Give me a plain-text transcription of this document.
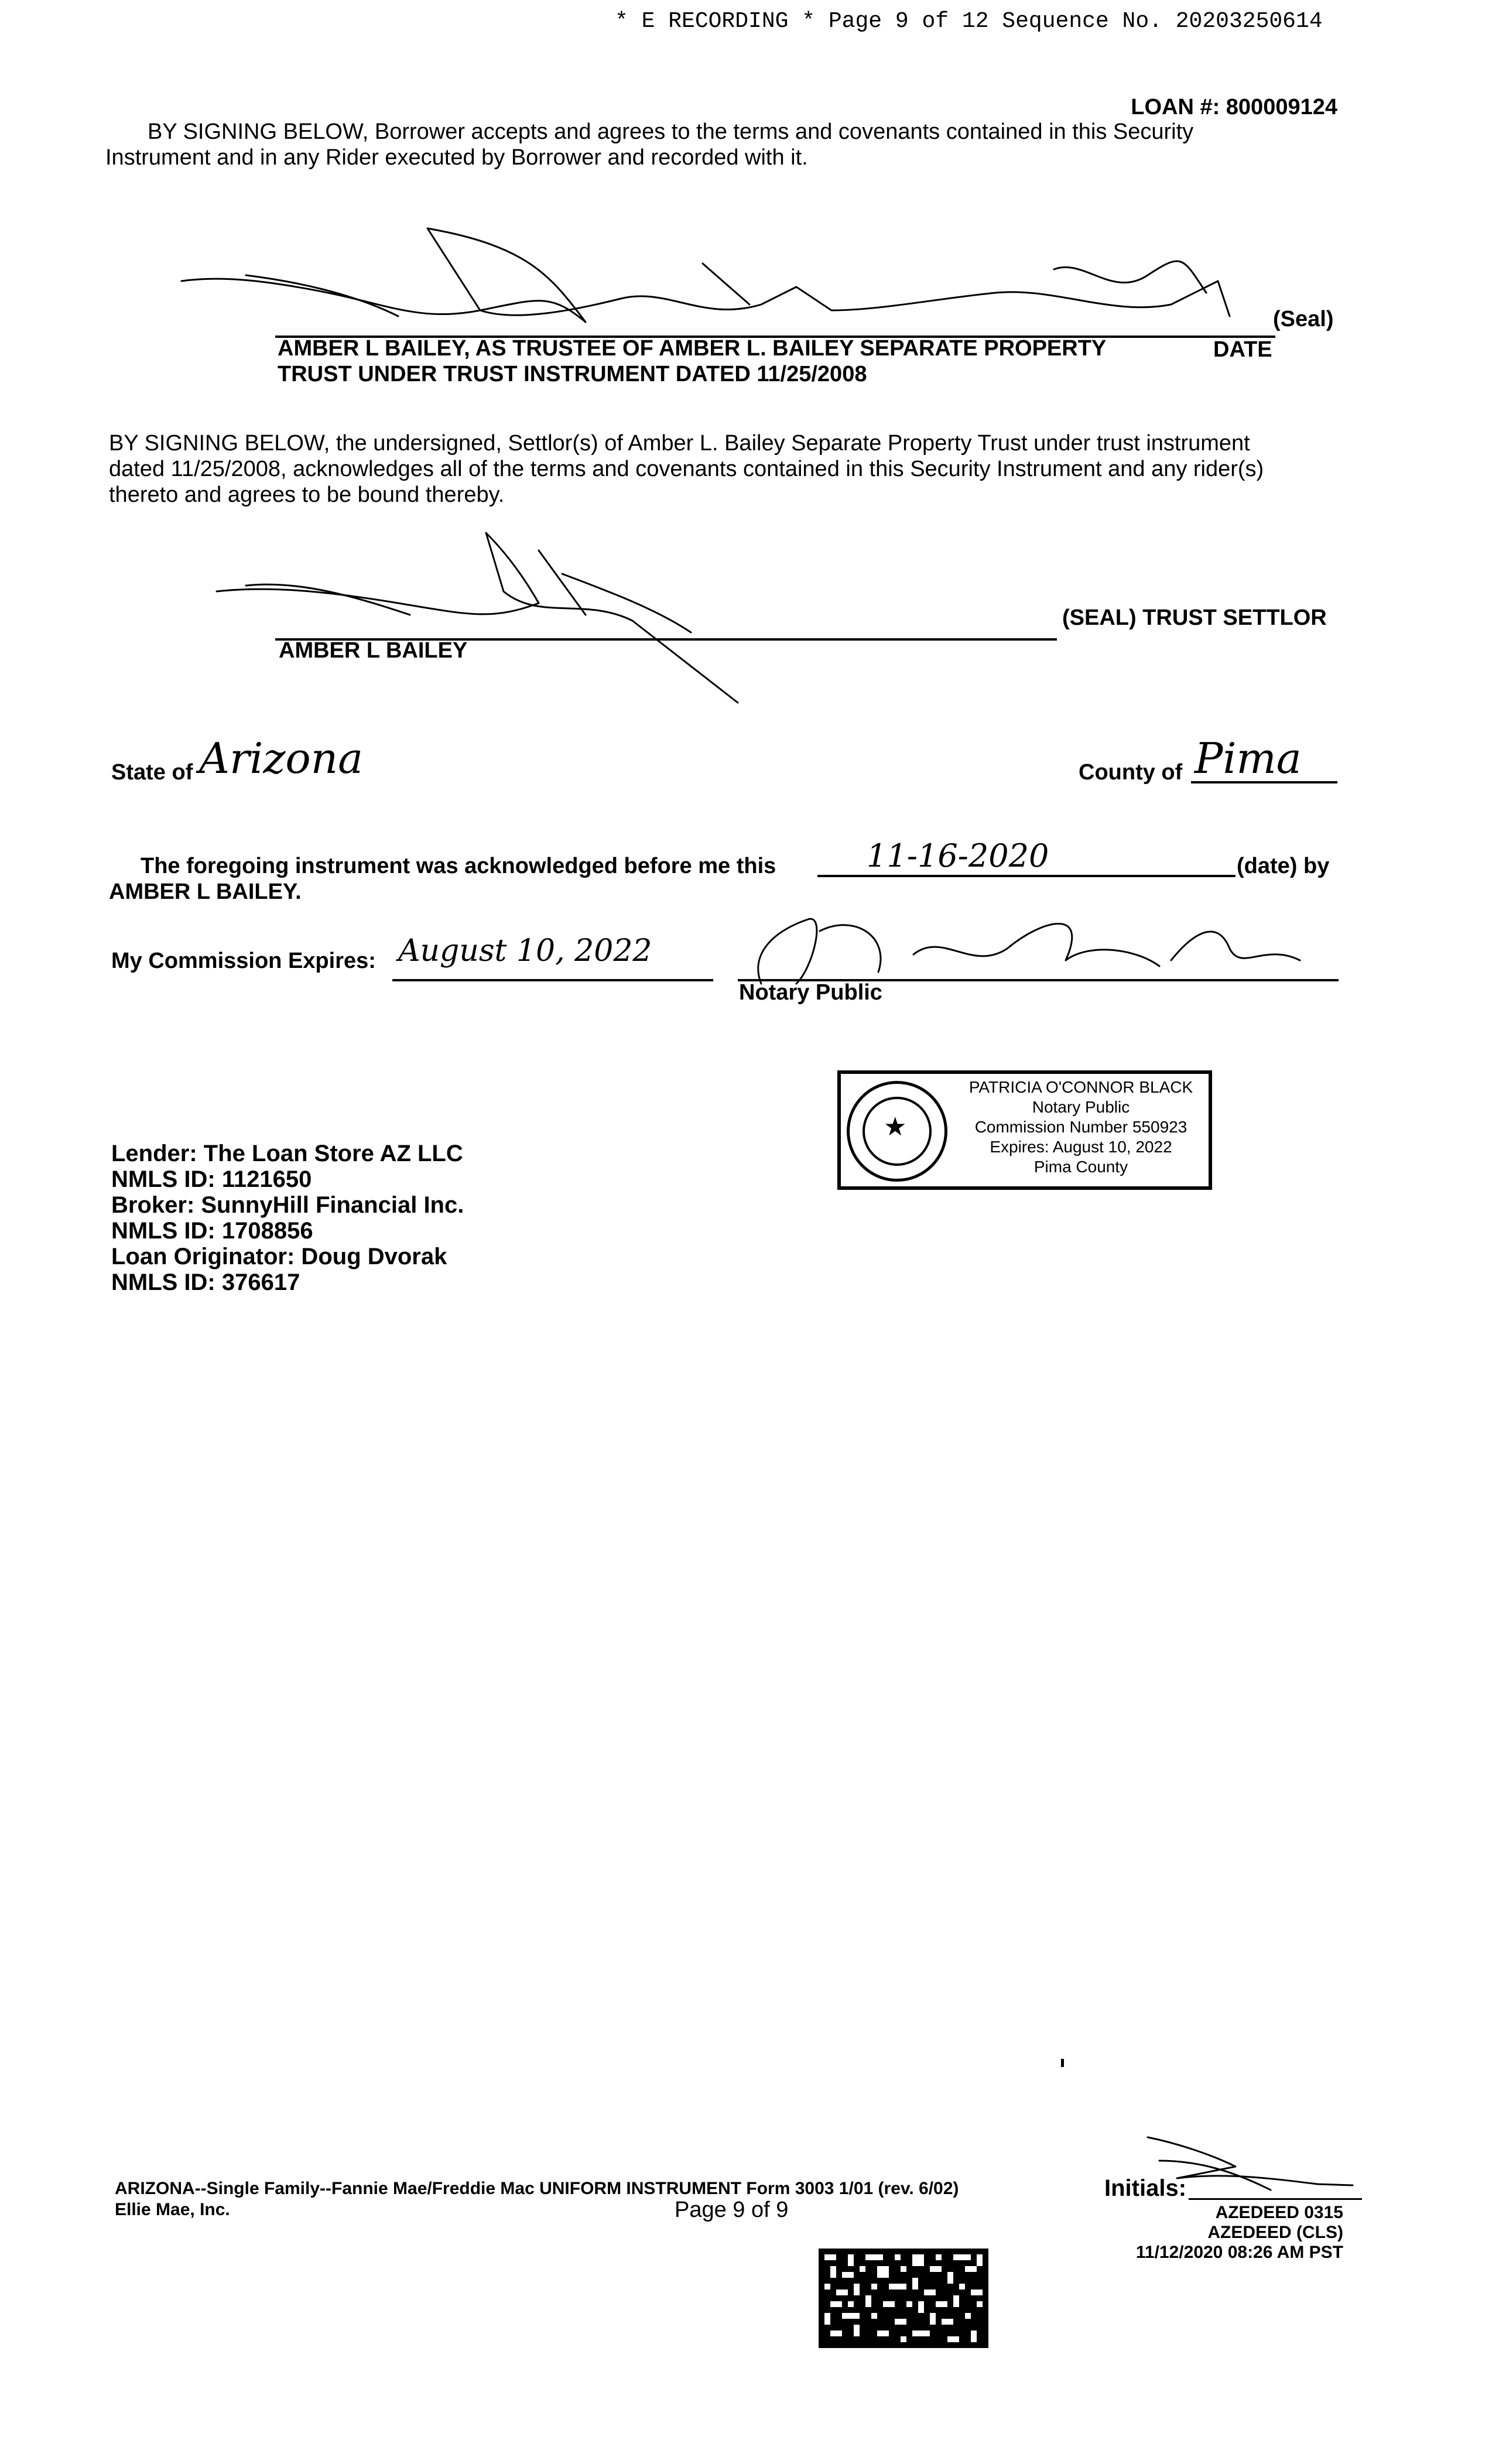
* E RECORDING * Page 9 of 12 Sequence No. 20203250614
LOAN #: 800009124
BY SIGNING BELOW, Borrower accepts and agrees to the terms and covenants contained in this Security
Instrument and in any Rider executed by Borrower and recorded with it.
(Seal)
AMBER L BAILEY, AS TRUSTEE OF AMBER L. BAILEY SEPARATE PROPERTY	DATE
TRUST UNDER TRUST INSTRUMENT DATED 11/25/2008
BY SIGNING BELOW, the undersigned, Settlor(s) of Amber L. Bailey Separate Property Trust under trust instrument
dated 11/25/2008, acknowledges all of the terms and covenants contained in this Security Instrument and any rider(s)
thereto and agrees to be bound thereby.
AMBER L BAILEY
(SEAL) TRUST SETTLOR
State of Arizona	County of Pima
The foregoing instrument was acknowledged before me this	11-16-2020	(date) by
AMBER L BAILEY.
My Commission Expires: August 10, 2022
Notary Public
★
PATRICIA O'CONNOR BLACK
Notary Public
Commission Number 550923
Expires: August 10, 2022
Pima County
Lender: The Loan Store AZ LLC
NMLS ID: 1121650
Broker: SunnyHill Financial Inc.
NMLS ID: 1708856
Loan Originator: Doug Dvorak
NMLS ID: 376617
ARIZONA--Single Family--Fannie Mae/Freddie Mac UNIFORM INSTRUMENT Form 3003 1/01 (rev. 6/02)
Ellie Mae, Inc.	Page 9 of 9
Initials:
AZEDEED 0315
AZEDEED (CLS)
11/12/2020 08:26 AM PST
